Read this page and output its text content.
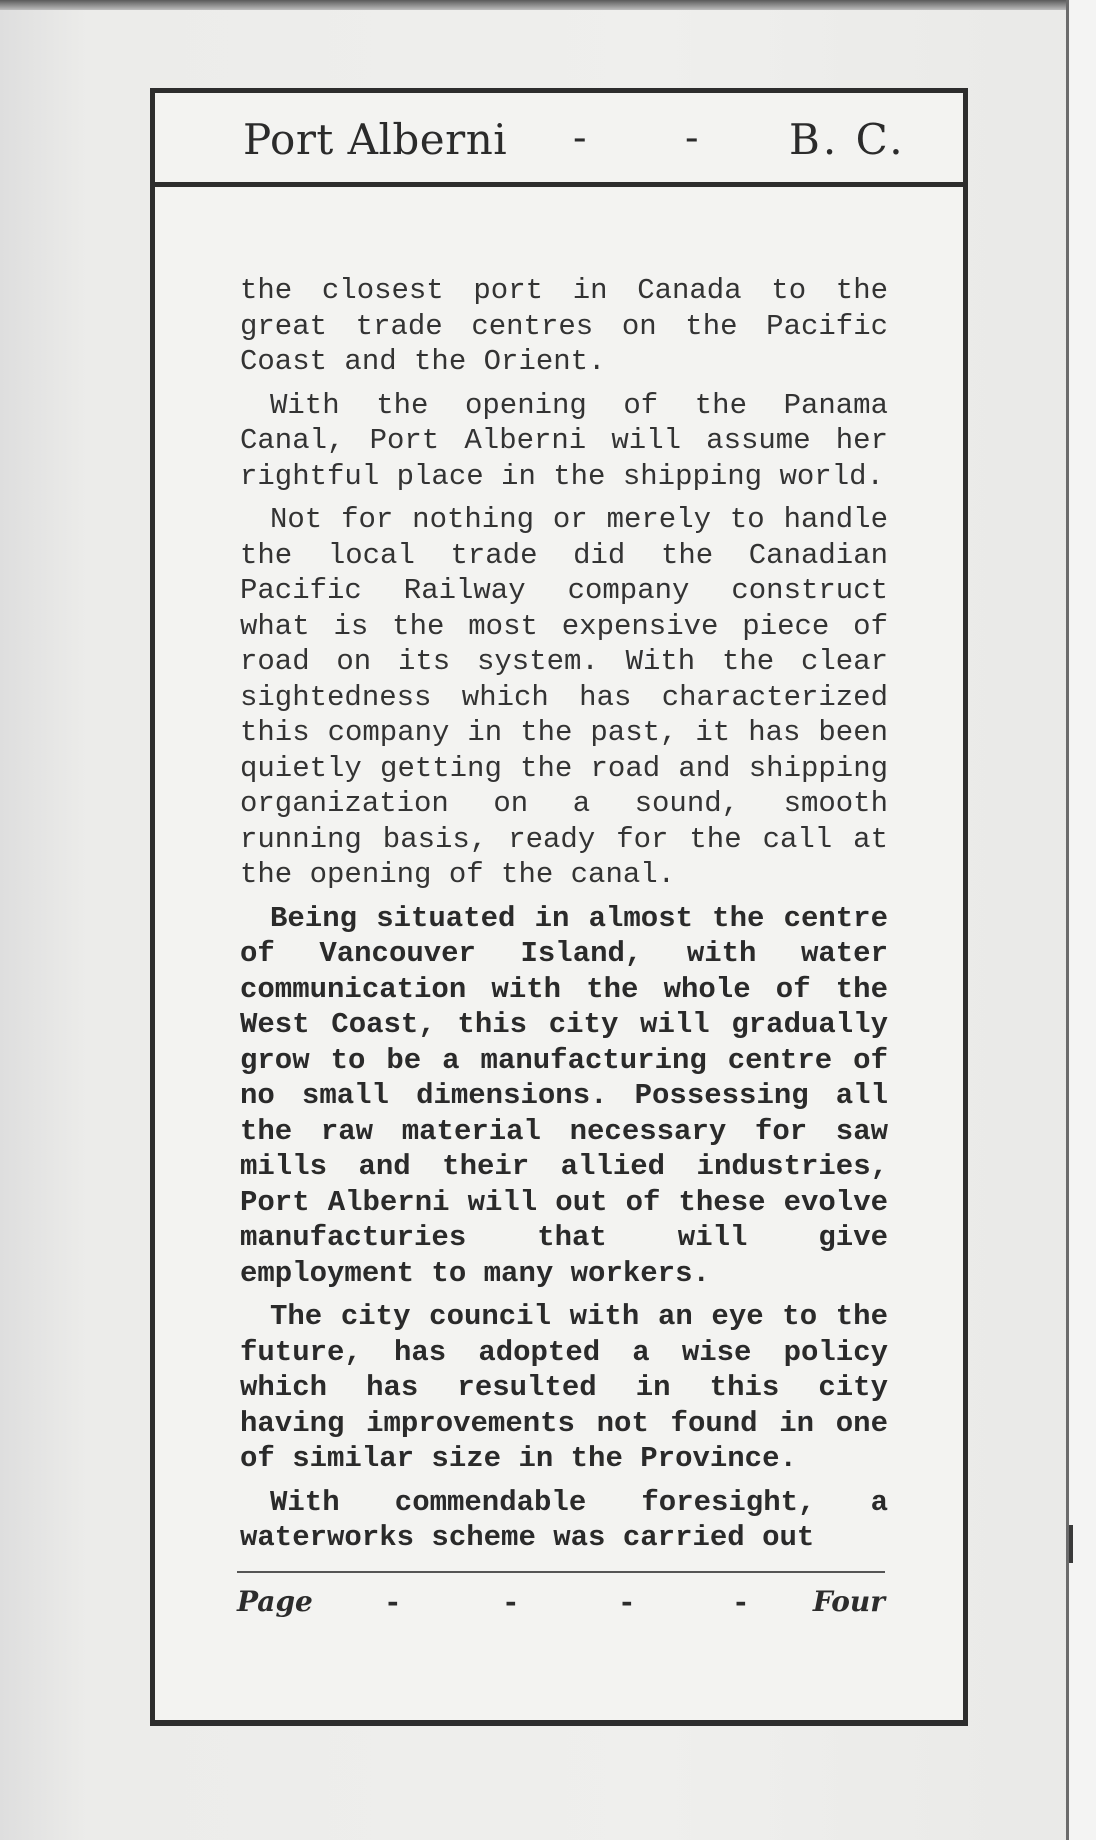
Port Alberni - - B. C.

the closest port in Canada to the great trade centres on the Pacific Coast and the Orient.

With the opening of the Panama Canal, Port Alberni will assume her rightful place in the shipping world.

Not for nothing or merely to handle the local trade did the Canadian Pacific Railway company construct what is the most expensive piece of road on its system. With the clear sightedness which has characterized this company in the past, it has been quietly getting the road and shipping organization on a sound, smooth running basis, ready for the call at the opening of the canal.

Being situated in almost the centre of Vancouver Island, with water communication with the whole of the West Coast, this city will gradually grow to be a manufacturing centre of no small dimensions. Possessing all the raw material necessary for saw mills and their allied industries, Port Alberni will out of these evolve manufacturies that will give employment to many workers.

The city council with an eye to the future, has adopted a wise policy which has resulted in this city having improvements not found in one of similar size in the Province.

With commendable foresight, a waterworks scheme was carried out

Page	-	-	-	- Four
